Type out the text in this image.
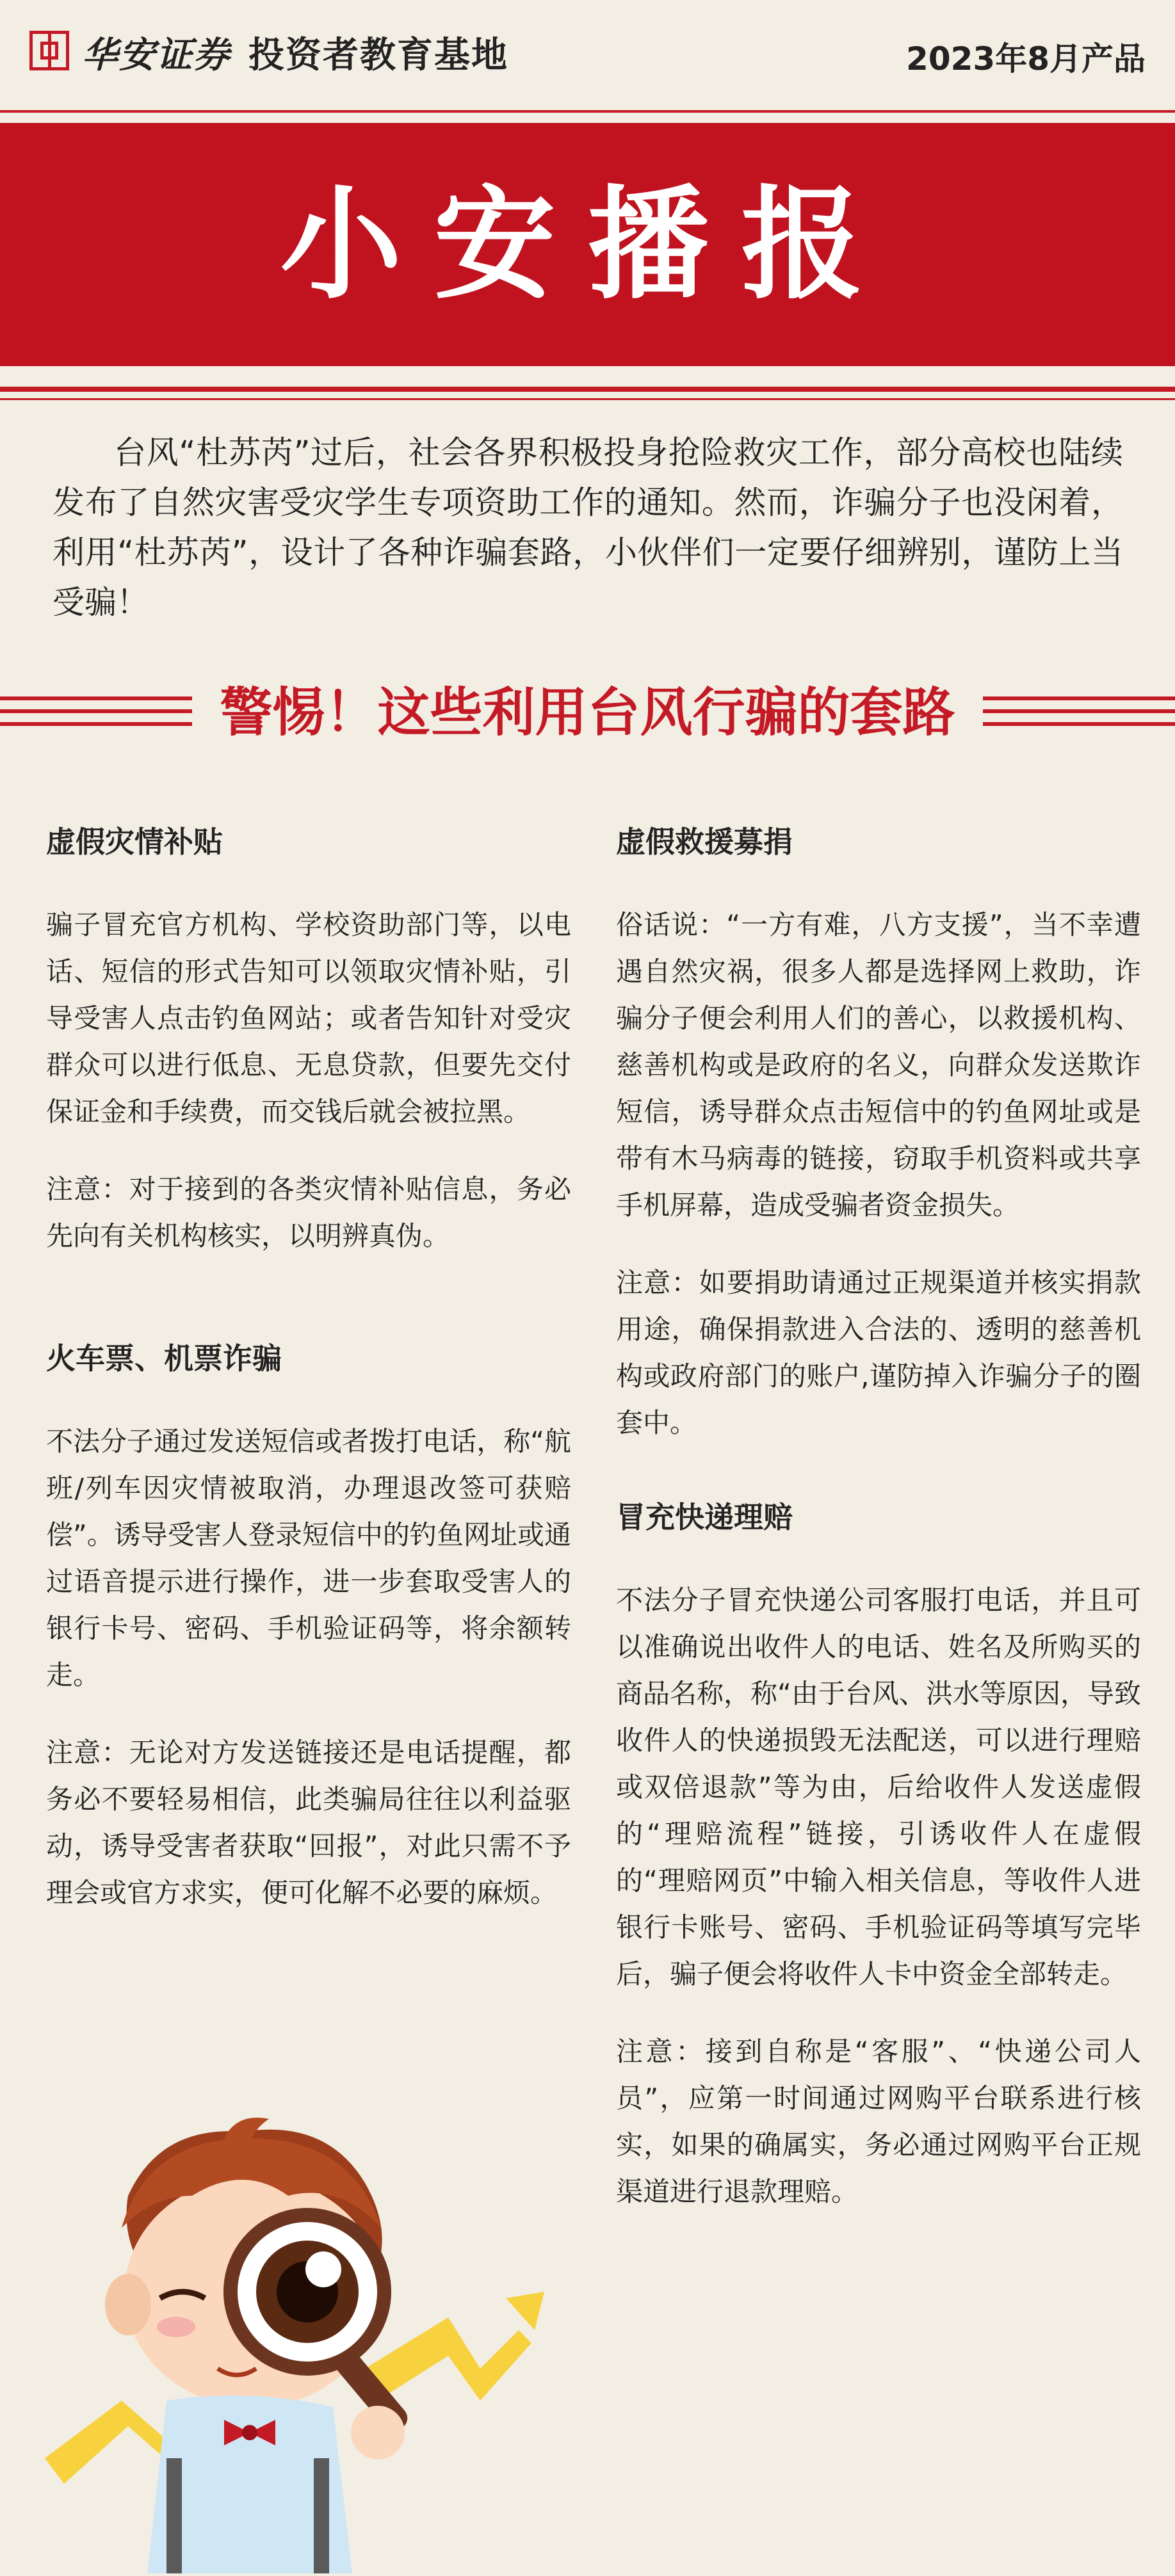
华安证券 投资者教育基地	2023年8月产品
小安播报
台风“杜苏芮”过后，社会各界积极投身抢险救灾工作，部分高校也陆续发布了自然灾害受灾学生专项资助工作的通知。然而，诈骗分子也没闲着，利用“杜苏芮”，设计了各种诈骗套路，小伙伴们一定要仔细辨别，谨防上当受骗！
警惕！这些利用台风行骗的套路
虚假灾情补贴

骗子冒充官方机构、学校资助部门等，以电话、短信的形式告知可以领取灾情补贴，引导受害人点击钓鱼网站；或者告知针对受灾群众可以进行低息、无息贷款，但要先交付保证金和手续费，而交钱后就会被拉黑。

注意：对于接到的各类灾情补贴信息，务必先向有关机构核实，以明辨真伪。

火车票、机票诈骗

不法分子通过发送短信或者拨打电话，称“航班/列车因灾情被取消，办理退改签可获赔偿”。诱导受害人登录短信中的钓鱼网址或通过语音提示进行操作，进一步套取受害人的银行卡号、密码、手机验证码等，将余额转走。

注意：无论对方发送链接还是电话提醒，都务必不要轻易相信，此类骗局往往以利益驱动，诱导受害者获取“回报”，对此只需不予理会或官方求实，便可化解不必要的麻烦。

虚假救援募捐

俗话说：“一方有难，八方支援”，当不幸遭遇自然灾祸，很多人都是选择网上救助，诈骗分子便会利用人们的善心，以救援机构、慈善机构或是政府的名义，向群众发送欺诈短信，诱导群众点击短信中的钓鱼网址或是带有木马病毒的链接，窃取手机资料或共享手机屏幕，造成受骗者资金损失。

注意：如要捐助请通过正规渠道并核实捐款用途，确保捐款进入合法的、透明的慈善机构或政府部门的账户,谨防掉入诈骗分子的圈套中。

冒充快递理赔

不法分子冒充快递公司客服打电话，并且可以准确说出收件人的电话、姓名及所购买的商品名称，称“由于台风、洪水等原因，导致收件人的快递损毁无法配送，可以进行理赔或双倍退款”等为由，后给收件人发送虚假的“理赔流程”链接，引诱收件人在虚假的“理赔网页”中输入相关信息，等收件人进银行卡账号、密码、手机验证码等填写完毕后，骗子便会将收件人卡中资金全部转走。

注意：接到自称是“客服”、“快递公司人员”，应第一时间通过网购平台联系进行核实，如果的确属实，务必通过网购平台正规渠道进行退款理赔。
